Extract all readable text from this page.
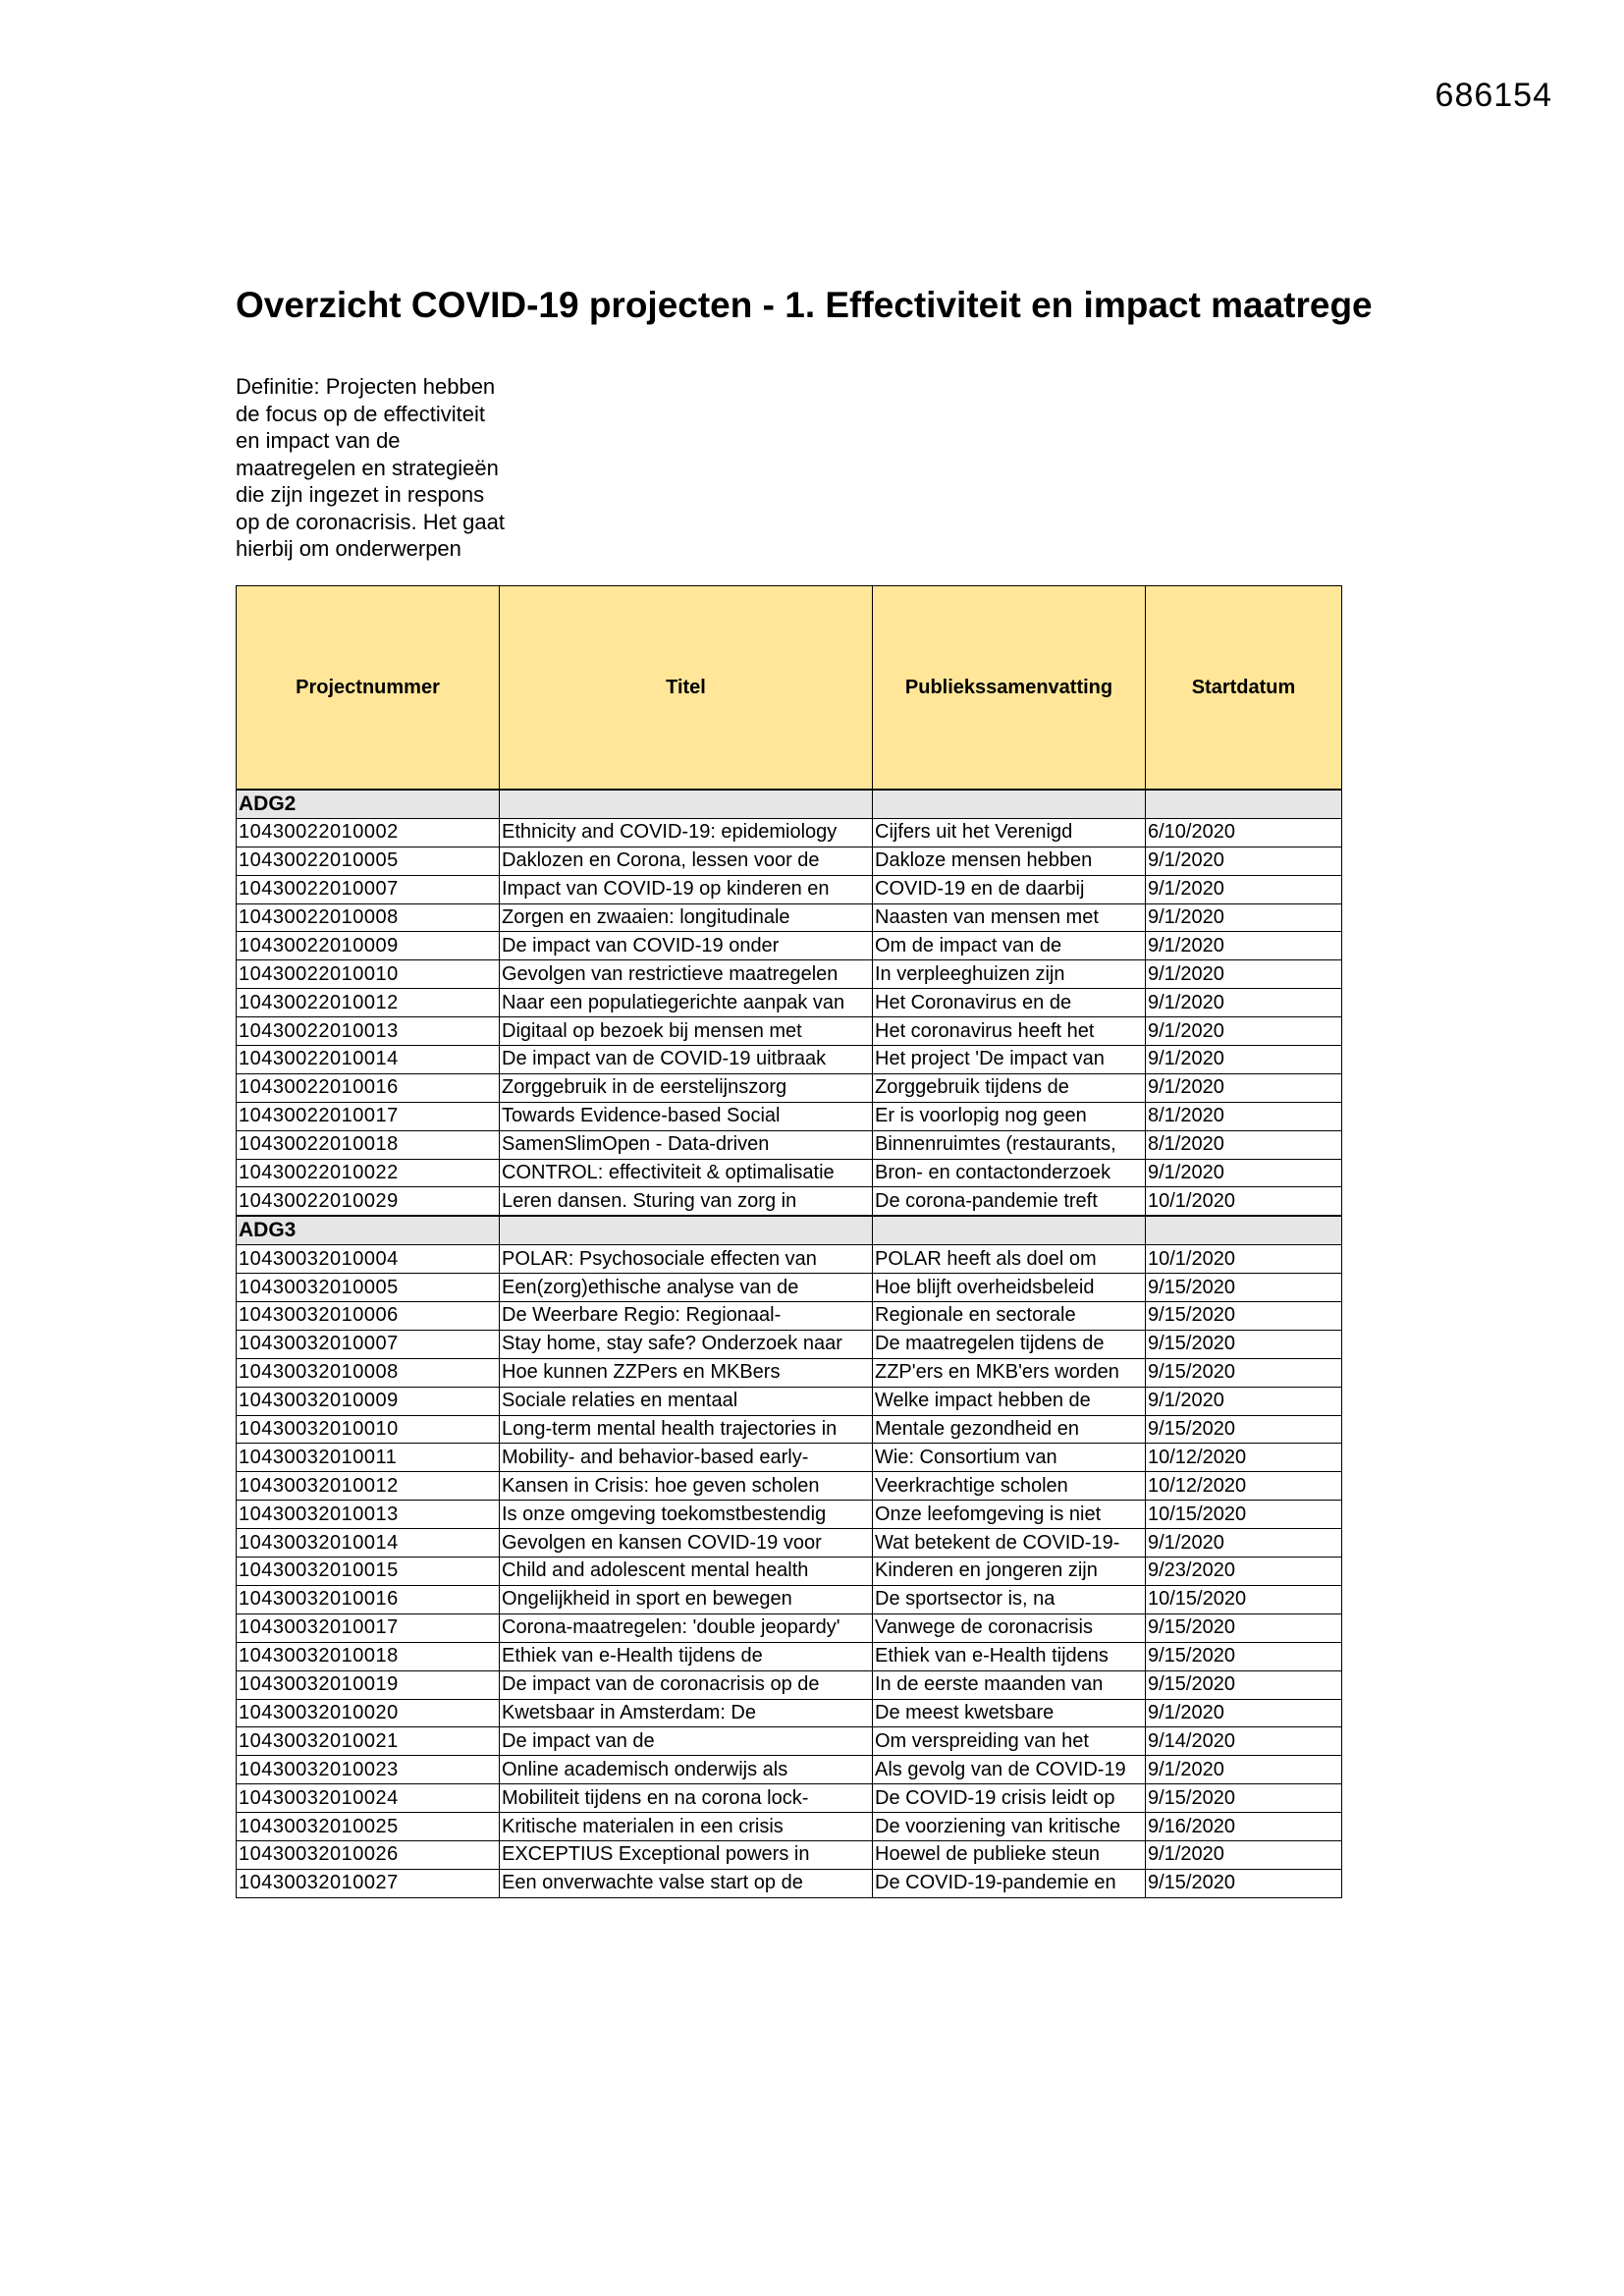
686154
Overzicht COVID-19 projecten - 1. Effectiviteit en impact maatrege
Definitie: Projecten hebben de focus op de effectiviteit en impact van de maatregelen en strategieën die zijn ingezet in respons op de coronacrisis. Het gaat hierbij om onderwerpen
Projectnummer	Titel	Publiekssamenvatting	Startdatum
ADG2			
10430022010002	Ethnicity and COVID-19: epidemiology	Cijfers uit het Verenigd	6/10/2020
10430022010005	Daklozen en Corona, lessen voor de	Dakloze mensen hebben	9/1/2020
10430022010007	Impact van COVID-19 op kinderen en	COVID-19 en de daarbij	9/1/2020
10430022010008	Zorgen en zwaaien: longitudinale	Naasten van mensen met	9/1/2020
10430022010009	De impact van COVID-19 onder	Om de impact van de	9/1/2020
10430022010010	Gevolgen van restrictieve maatregelen	In verpleeghuizen zijn	9/1/2020
10430022010012	Naar een populatiegerichte aanpak van	Het Coronavirus en de	9/1/2020
10430022010013	Digitaal op bezoek bij mensen met	Het coronavirus heeft het	9/1/2020
10430022010014	De impact van de COVID-19 uitbraak	Het project 'De impact van	9/1/2020
10430022010016	Zorggebruik in de eerstelijnszorg	Zorggebruik tijdens de	9/1/2020
10430022010017	Towards Evidence-based Social	Er is voorlopig nog geen	8/1/2020
10430022010018	SamenSlimOpen - Data-driven	Binnenruimtes (restaurants,	8/1/2020
10430022010022	CONTROL: effectiviteit & optimalisatie	Bron- en contactonderzoek	9/1/2020
10430022010029	Leren dansen. Sturing van zorg in	De corona-pandemie treft	10/1/2020
ADG3			
10430032010004	POLAR: Psychosociale effecten van	POLAR heeft als doel om	10/1/2020
10430032010005	Een(zorg)ethische analyse van de	Hoe blijft overheidsbeleid	9/15/2020
10430032010006	De Weerbare Regio: Regionaal-	Regionale en sectorale	9/15/2020
10430032010007	Stay home, stay safe? Onderzoek naar	De maatregelen tijdens de	9/15/2020
10430032010008	Hoe kunnen ZZPers en MKBers	ZZP'ers en MKB'ers worden	9/15/2020
10430032010009	Sociale relaties en mentaal	Welke impact hebben de	9/1/2020
10430032010010	Long-term mental health trajectories in	Mentale gezondheid en	9/15/2020
10430032010011	Mobility- and behavior-based early-	Wie: Consortium van	10/12/2020
10430032010012	Kansen in Crisis: hoe geven scholen	Veerkrachtige scholen	10/12/2020
10430032010013	Is onze omgeving toekomstbestendig	Onze leefomgeving is niet	10/15/2020
10430032010014	Gevolgen en kansen COVID-19 voor	Wat betekent de COVID-19-	9/1/2020
10430032010015	Child and adolescent mental health	Kinderen en jongeren zijn	9/23/2020
10430032010016	Ongelijkheid in sport en bewegen	De sportsector is, na	10/15/2020
10430032010017	Corona-maatregelen: 'double jeopardy'	Vanwege de coronacrisis	9/15/2020
10430032010018	Ethiek van e-Health tijdens de	Ethiek van e-Health tijdens	9/15/2020
10430032010019	De impact van de coronacrisis op de	In de eerste maanden van	9/15/2020
10430032010020	Kwetsbaar in Amsterdam: De	De meest kwetsbare	9/1/2020
10430032010021	De impact van de	Om verspreiding van het	9/14/2020
10430032010023	Online academisch onderwijs als	Als gevolg van de COVID-19	9/1/2020
10430032010024	Mobiliteit tijdens en na corona lock-	De COVID-19 crisis leidt op	9/15/2020
10430032010025	Kritische materialen in een crisis	De voorziening van kritische	9/16/2020
10430032010026	EXCEPTIUS Exceptional powers in	Hoewel de publieke steun	9/1/2020
10430032010027	Een onverwachte valse start op de	De COVID-19-pandemie en	9/15/2020
